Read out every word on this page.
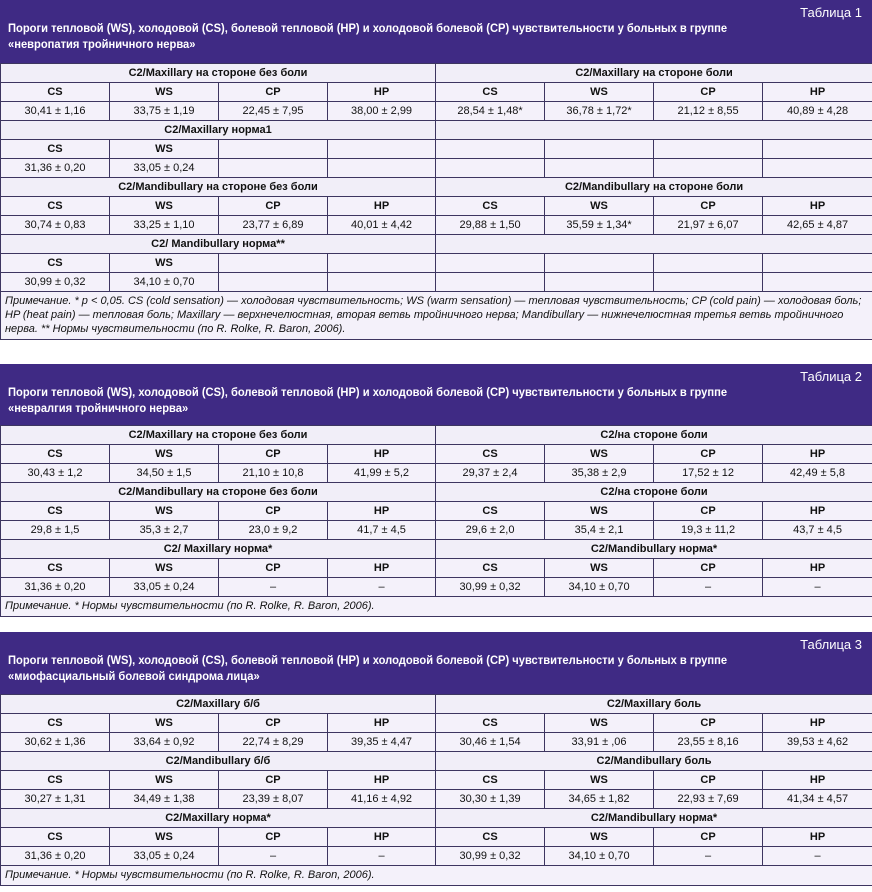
Таблица 1
Пороги тепловой (WS), холодовой (CS), болевой тепловой (HP) и холодовой болевой (CP) чувствительности у больных в группе
«невропатия тройничного нерва»
C2/Maxillary на стороне без боли				C2/Maxillary на стороне боли			
CS	WS	CP	HP	CS	WS	CP	HP
30,41 ± 1,16	33,75 ± 1,19	22,45 ± 7,95	38,00 ± 2,99	28,54 ± 1,48*	36,78 ± 1,72*	21,12 ± 8,55	40,89 ± 4,28
C2/Maxillary норма1							
CS	WS						
31,36 ± 0,20	33,05 ± 0,24						
C2/Mandibullary на стороне без боли				C2/Mandibullary на стороне боли			
CS	WS	CP	HP	CS	WS	CP	HP
30,74 ± 0,83	33,25 ± 1,10	23,77 ± 6,89	40,01 ± 4,42	29,88 ± 1,50	35,59 ± 1,34*	21,97 ± 6,07	42,65 ± 4,87
C2/ Mandibullary норма**							
CS	WS						
30,99 ± 0,32	34,10 ± 0,70						
Примечание. * p < 0,05. CS (cold sensation) — холодовая чувствительность; WS (warm sensation) — тепловая чувствительность; CP (cold pain) — холодовая боль; HP (heat pain) — тепловая боль; Maxillary — верхнечелюстная, вторая ветвь тройничного нерва; Mandibullary — нижнечелюстная третья ветвь тройничного нерва. ** Нормы чувствительности (по R. Rolke, R. Baron, 2006).							
Таблица 2
Пороги тепловой (WS), холодовой (CS), болевой тепловой (HP) и холодовой болевой (CP) чувствительности у больных в группе
«невралгия тройничного нерва»
C2/Maxillary на стороне без боли				C2/на стороне боли			
CS	WS	CP	HP	CS	WS	CP	HP
30,43 ± 1,2	34,50 ± 1,5	21,10 ± 10,8	41,99 ± 5,2	29,37 ± 2,4	35,38 ± 2,9	17,52 ± 12	42,49 ± 5,8
C2/Mandibullary на стороне без боли				C2/на стороне боли			
CS	WS	CP	HP	CS	WS	CP	HP
29,8 ± 1,5	35,3 ± 2,7	23,0 ± 9,2	41,7 ± 4,5	29,6 ± 2,0	35,4 ± 2,1	19,3 ± 11,2	43,7 ± 4,5
C2/ Maxillary норма*				C2/Mandibullary норма*			
CS	WS	CP	HP	CS	WS	CP	HP
31,36 ± 0,20	33,05 ± 0,24	–	–	30,99 ± 0,32	34,10 ± 0,70	–	–
Примечание. * Нормы чувствительности (по R. Rolke, R. Baron, 2006).							
Таблица 3
Пороги тепловой (WS), холодовой (CS), болевой тепловой (HP) и холодовой болевой (CP) чувствительности у больных в группе
«миофасциальный болевой синдрома лица»
C2/Maxillary б/б				C2/Maxillary боль			
CS	WS	CP	HP	CS	WS	CP	HP
30,62 ± 1,36	33,64 ± 0,92	22,74 ± 8,29	39,35 ± 4,47	30,46 ± 1,54	33,91 ± ,06	23,55 ± 8,16	39,53 ± 4,62
C2/Mandibullary б/б				C2/Mandibullary боль			
CS	WS	CP	HP	CS	WS	CP	HP
30,27 ± 1,31	34,49 ± 1,38	23,39 ± 8,07	41,16 ± 4,92	30,30 ± 1,39	34,65 ± 1,82	22,93 ± 7,69	41,34 ± 4,57
C2/Maxillary норма*				C2/Mandibullary норма*			
CS	WS	CP	HP	CS	WS	CP	HP
31,36 ± 0,20	33,05 ± 0,24	–	–	30,99 ± 0,32	34,10 ± 0,70	–	–
Примечание. * Нормы чувствительности (по R. Rolke, R. Baron, 2006).							
